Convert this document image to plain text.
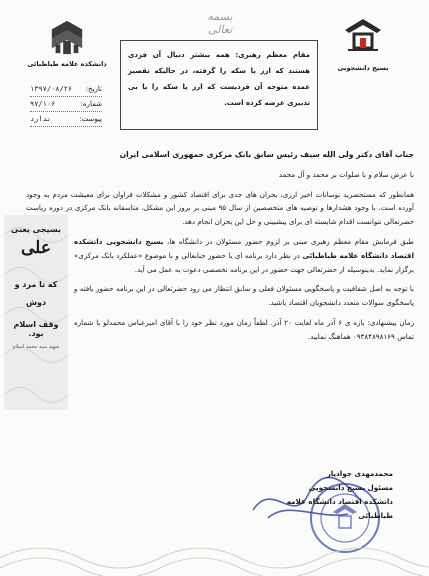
دانشکده علامه طباطبائی	بسیج دانشجویی
بسمه تعالی
تاریخ:
۱۳۹۷/۰۸/۲۶
شماره:
۹۷/۱۰۶
پیوست:
ندارد
مقام معظم رهبری: همه بیشتر دنبال آن فردی هستند که ارز یا سکه را گرفته، در حالیکه تقصیر عمده متوجه آن فردیست که ارز یا سکه را با بی تدبیری عرضه کرده است.
بسیجی یعنی
علی
که تا مرد و دوش
وقف اسلام بود.
شهید سید محمد اسلام

جناب آقای دکتر ولی الله سیف رئیس سابق بانک مرکزی جمهوری اسلامی ایران

با عرض سلام و با صلوات بر محمد و آل محمد

همانطور که مستحضرید نوسانات اخیر ارزی، بحران های جدی برای اقتصاد کشور و مشکلات فراوان برای معیشت مردم به وجود آورده است. با وجود هشدارها و توصیه های متخصصین از سال ۹۵ مبنی بر بروز این مشکل، متاسفانه بانک مرکزی در دوره ریاست حضرتعالی نتوانست اقدام شایسته ای برای پیشبینی و حل این بحران انجام دهد.

طبق فرمایش مقام معظم رهبری مبنی بر لزوم حضور مسئولان در دانشگاه ها، بسیج دانشجویی دانشکده اقتصاد دانشگاه علامه طباطبائی در نظر دارد برنامه ای با حضور جنابعالی و با موضوع «عملکرد بانک مرکزی» برگزار نماید. بدینوسیله از حضرتعالی جهت حضور در این برنامه تخصصی دعوت به عمل می آید.

با توجه به اصل شفافیت و پاسخگویی مسئولان فعلی و سابق انتظار می رود حضرتعالی در این برنامه حضور یافته و پاسخگوی سوالات متعدد دانشجویان اقتصاد باشید.

زمان پیشنهادی: بازه ی ۶ آذر ماه لغایت ۲۰ آذر. لطفاً زمان مورد نظر خود را با آقای امیرعباس محمدلو با شماره تماس ۰۹۳۸۴۸۹۸۱۶۹ هماهنگ نمایید.

محمدمهدی جوادیار
مسئول بسیج دانشجویی
دانشکده اقتصاد دانشگاه علامه طباطبائی
